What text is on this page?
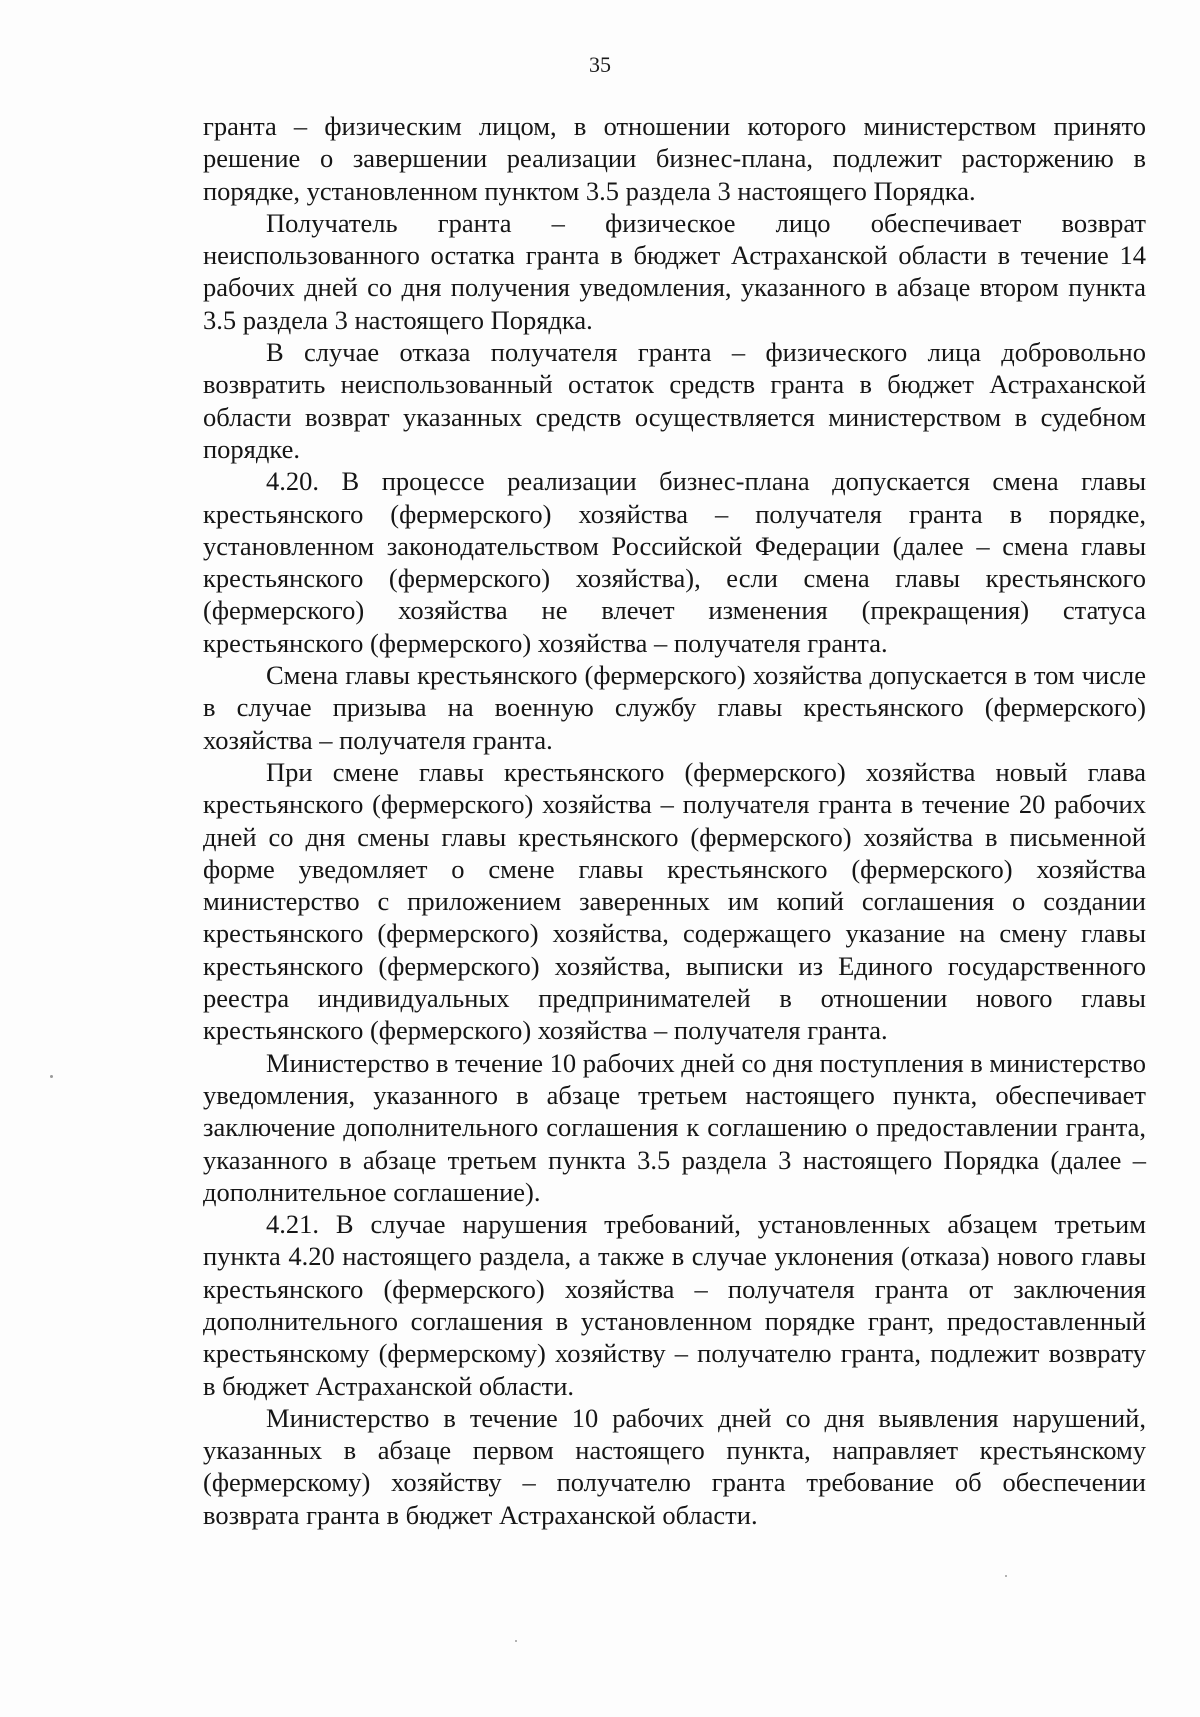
35

гранта – физическим лицом, в отношении которого министерством принято решение о завершении реализации бизнес-плана, подлежит расторжению в порядке, установленном пунктом 3.5 раздела 3 настоящего Порядка.

Получатель гранта – физическое лицо обеспечивает возврат неиспользованного остатка гранта в бюджет Астраханской области в течение 14 рабочих дней со дня получения уведомления, указанного в абзаце втором пункта 3.5 раздела 3 настоящего Порядка.

В случае отказа получателя гранта – физического лица добровольно возвратить неиспользованный остаток средств гранта в бюджет Астраханской области возврат указанных средств осуществляется министерством в судебном порядке.

4.20. В процессе реализации бизнес-плана допускается смена главы крестьянского (фермерского) хозяйства – получателя гранта в порядке, установленном законодательством Российской Федерации (далее – смена главы крестьянского (фермерского) хозяйства), если смена главы крестьянского (фермерского) хозяйства не влечет изменения (прекращения) статуса крестьянского (фермерского) хозяйства – получателя гранта.

Смена главы крестьянского (фермерского) хозяйства допускается в том числе в случае призыва на военную службу главы крестьянского (фермерского) хозяйства – получателя гранта.

При смене главы крестьянского (фермерского) хозяйства новый глава крестьянского (фермерского) хозяйства – получателя гранта в течение 20 рабочих дней со дня смены главы крестьянского (фермерского) хозяйства в письменной форме уведомляет о смене главы крестьянского (фермерского) хозяйства министерство с приложением заверенных им копий соглашения о создании крестьянского (фермерского) хозяйства, содержащего указание на смену главы крестьянского (фермерского) хозяйства, выписки из Единого государственного реестра индивидуальных предпринимателей в отношении нового главы крестьянского (фермерского) хозяйства – получателя гранта.

Министерство в течение 10 рабочих дней со дня поступления в министерство уведомления, указанного в абзаце третьем настоящего пункта, обеспечивает заключение дополнительного соглашения к соглашению о предоставлении гранта, указанного в абзаце третьем пункта 3.5 раздела 3 настоящего Порядка (далее – дополнительное соглашение).

4.21. В случае нарушения требований, установленных абзацем третьим пункта 4.20 настоящего раздела, а также в случае уклонения (отказа) нового главы крестьянского (фермерского) хозяйства – получателя гранта от заключения дополнительного соглашения в установленном порядке грант, предоставленный крестьянскому (фермерскому) хозяйству – получателю гранта, подлежит возврату в бюджет Астраханской области.

Министерство в течение 10 рабочих дней со дня выявления нарушений, указанных в абзаце первом настоящего пункта, направляет крестьянскому (фермерскому) хозяйству – получателю гранта требование об обеспечении возврата гранта в бюджет Астраханской области.
